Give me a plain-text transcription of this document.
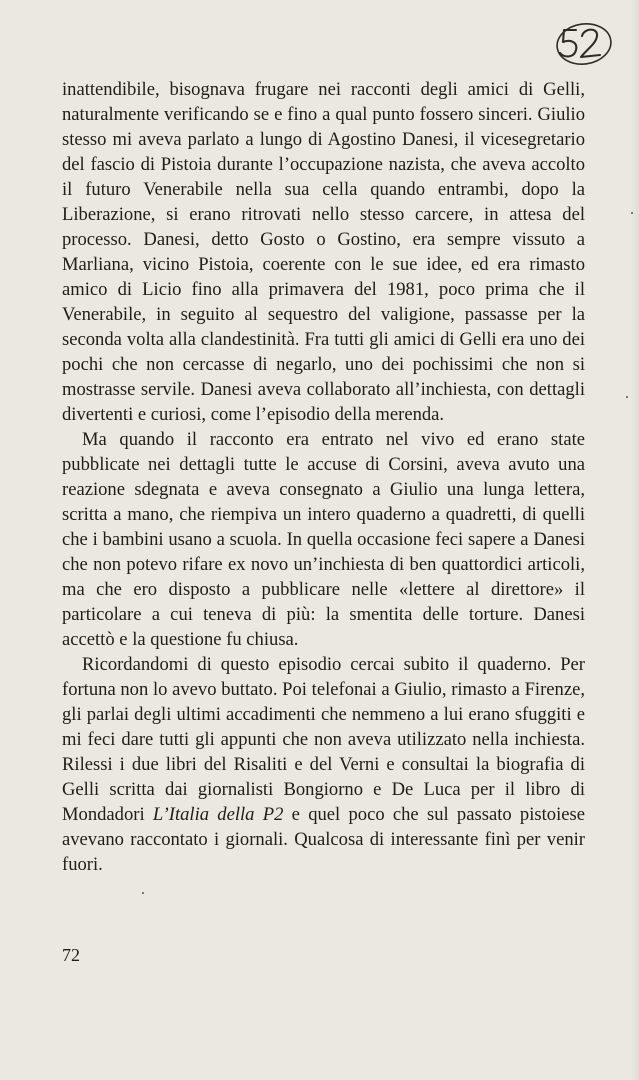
inattendibile, bisognava frugare nei racconti degli amici di Gelli, naturalmente verificando se e fino a qual punto fossero sinceri. Giulio stesso mi aveva parlato a lungo di Agostino Danesi, il vicesegretario del fascio di Pistoia durante l’occupazione nazista, che aveva accolto il futuro Venerabile nella sua cella quando entrambi, dopo la Liberazione, si erano ritrovati nello stesso carcere, in attesa del processo. Danesi, detto Gosto o Gostino, era sempre vissuto a Marliana, vicino Pistoia, coerente con le sue idee, ed era rimasto amico di Licio fino alla primavera del 1981, poco prima che il Venerabile, in seguito al sequestro del valigione, passasse per la seconda volta alla clandestinità. Fra tutti gli amici di Gelli era uno dei pochi che non cercasse di negarlo, uno dei pochissimi che non si mostrasse servile. Danesi aveva collaborato all’inchiesta, con dettagli divertenti e curiosi, come l’episodio della merenda.

Ma quando il racconto era entrato nel vivo ed erano state pubblicate nei dettagli tutte le accuse di Corsini, aveva avuto una reazione sdegnata e aveva consegnato a Giulio una lunga lettera, scritta a mano, che riempiva un intero quaderno a quadretti, di quelli che i bambini usano a scuola. In quella occasione feci sapere a Danesi che non potevo rifare ex novo un’inchiesta di ben quattordici articoli, ma che ero disposto a pubblicare nelle «lettere al direttore» il particolare a cui teneva di più: la smentita delle torture. Danesi accettò e la questione fu chiusa.

Ricordandomi di questo episodio cercai subito il quaderno. Per fortuna non lo avevo buttato. Poi telefonai a Giulio, rimasto a Firenze, gli parlai degli ultimi accadimenti che nemmeno a lui erano sfuggiti e mi feci dare tutti gli appunti che non aveva utilizzato nella inchiesta. Rilessi i due libri del Risaliti e del Verni e consultai la biografia di Gelli scritta dai giornalisti Bongiorno e De Luca per il libro di Mondadori L’Italia della P2 e quel poco che sul passato pistoiese avevano raccontato i giornali. Qualcosa di interessante finì per venir fuori.

72
